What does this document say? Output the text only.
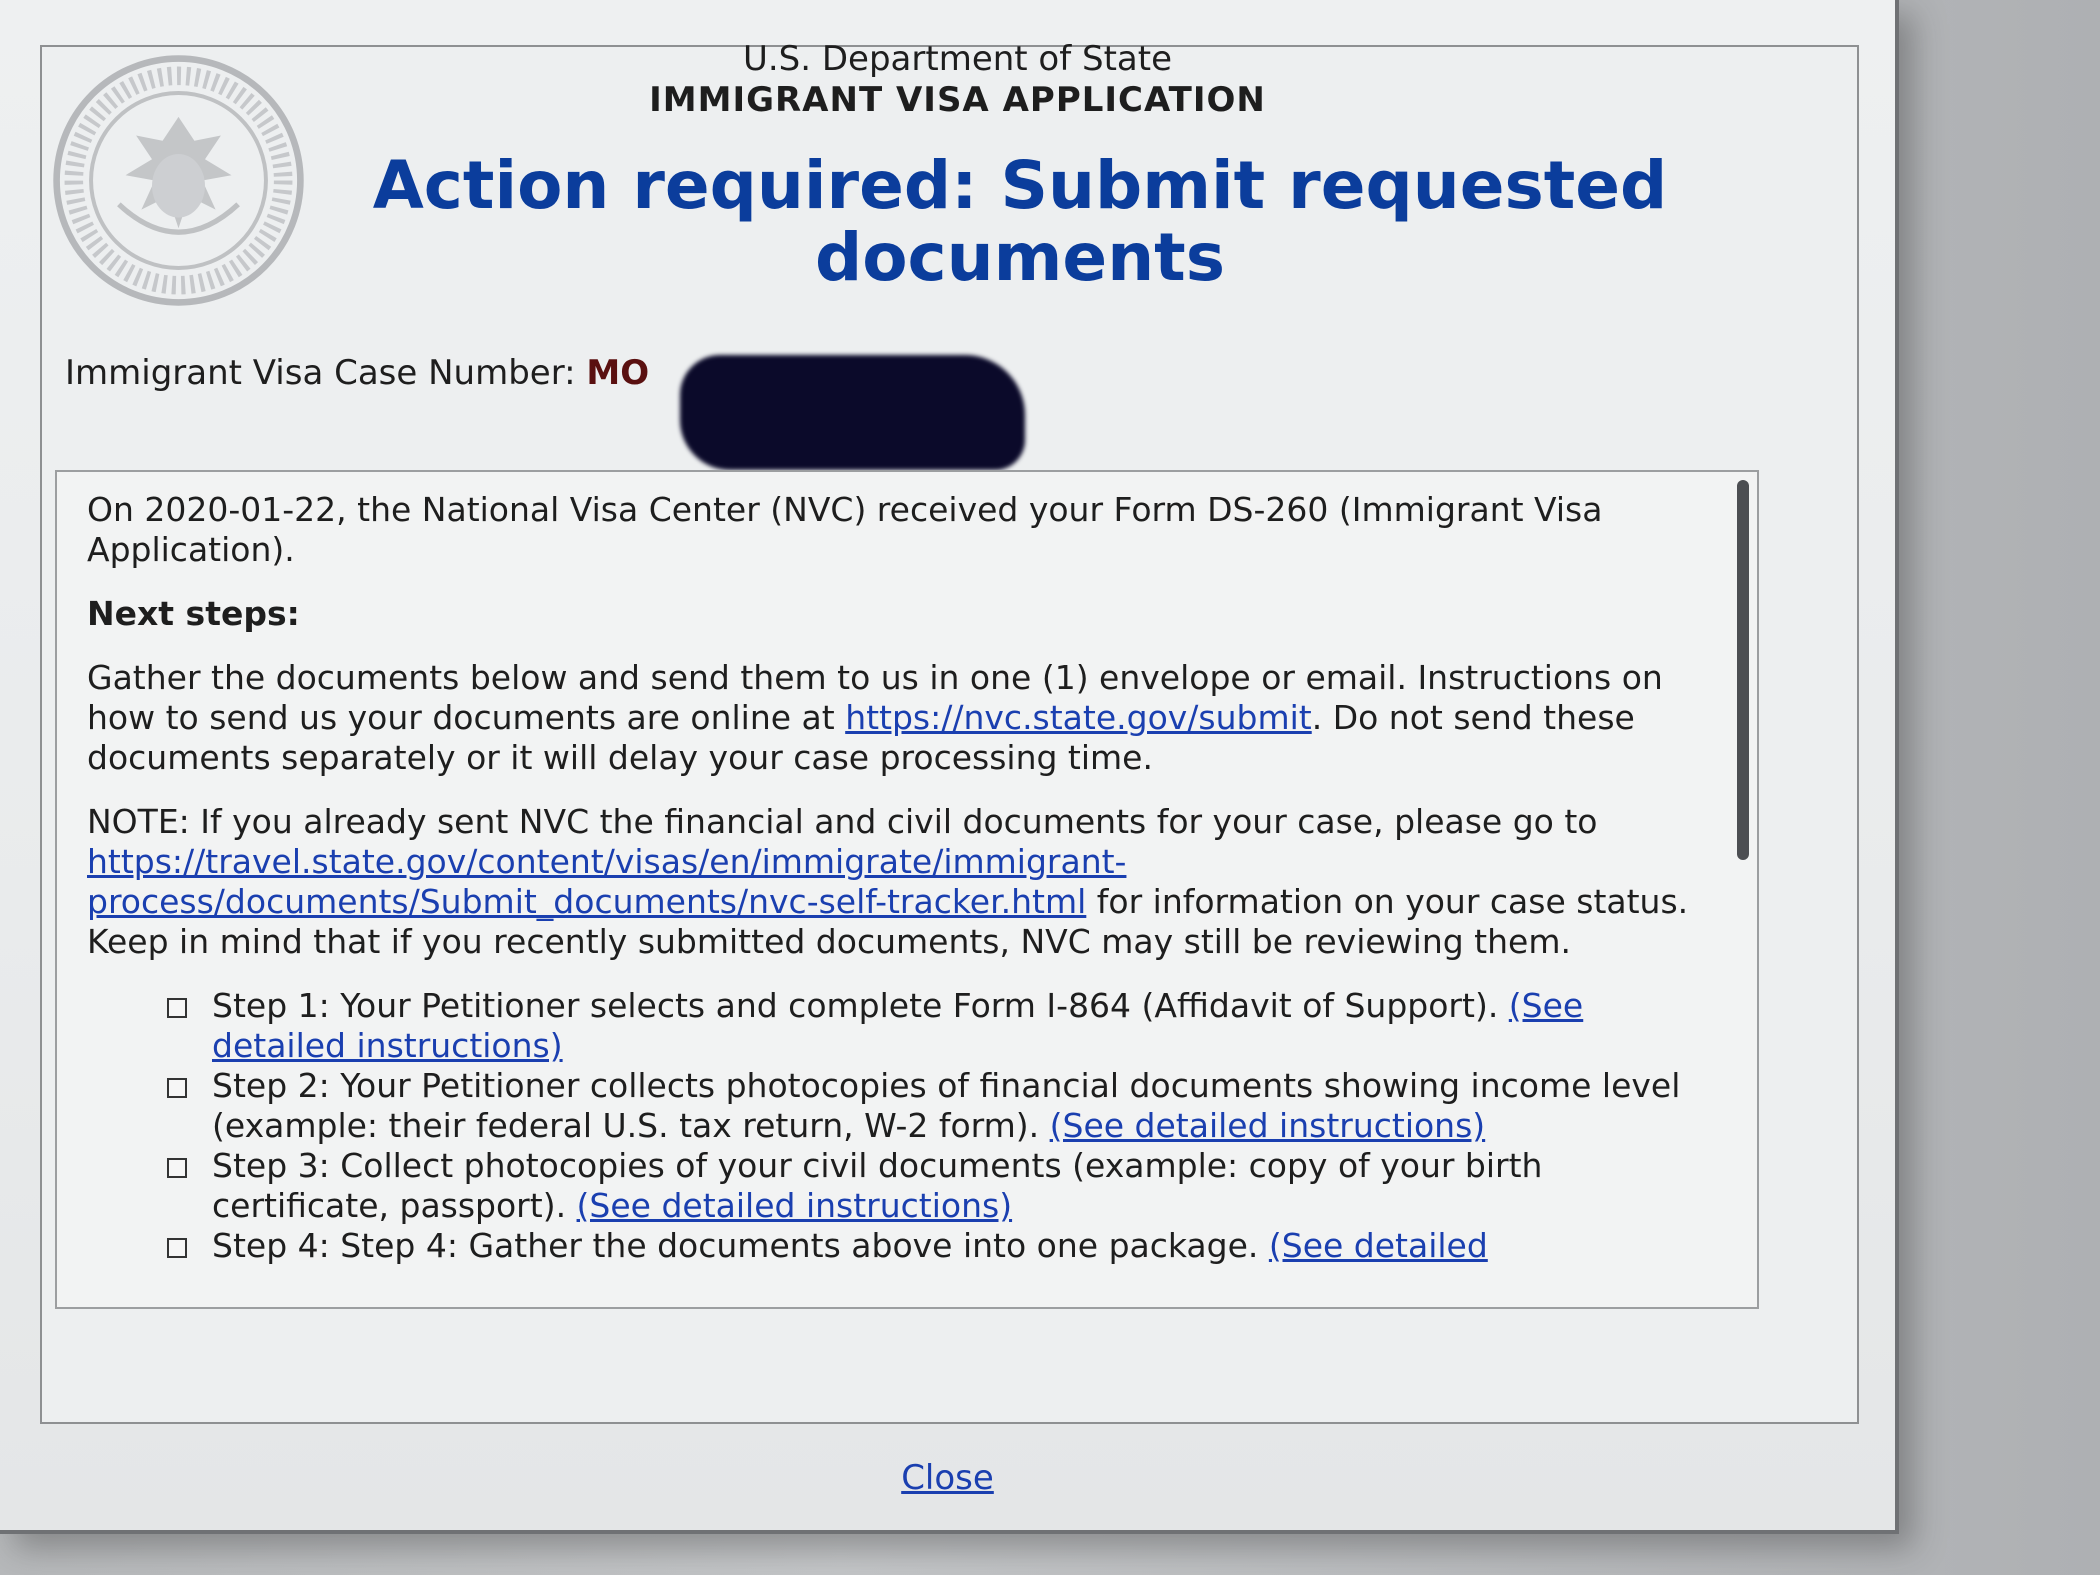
U.S. Department of State
IMMIGRANT VISA APPLICATION
Action required: Submit requested documents
Immigrant Visa Case Number: MO

On 2020-01-22, the National Visa Center (NVC) received your Form DS-260 (Immigrant Visa Application).

Next steps:

Gather the documents below and send them to us in one (1) envelope or email. Instructions on how to send us your documents are online at https://nvc.state.gov/submit. Do not send these documents separately or it will delay your case processing time.

NOTE: If you already sent NVC the financial and civil documents for your case, please go to https://travel.state.gov/content/visas/en/immigrate/immigrant-process/documents/Submit_documents/nvc-self-tracker.html for information on your case status. Keep in mind that if you recently submitted documents, NVC may still be reviewing them.

Step 1: Your Petitioner selects and complete Form I-864 (Affidavit of Support). (See detailed instructions)
Step 2: Your Petitioner collects photocopies of financial documents showing income level (example: their federal U.S. tax return, W-2 form). (See detailed instructions)
Step 3: Collect photocopies of your civil documents (example: copy of your birth certificate, passport). (See detailed instructions)
Step 4: Step 4: Gather the documents above into one package. (See detailed
Close
